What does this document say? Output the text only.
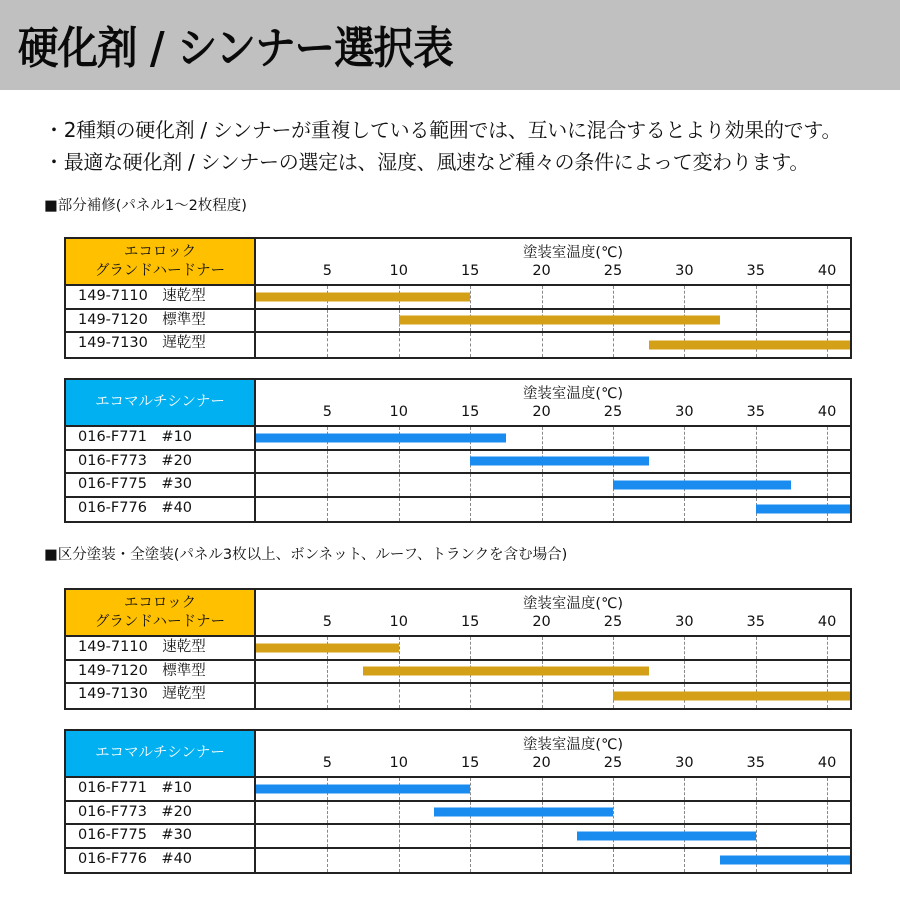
硬化剤 / シンナー選択表
・2種類の硬化剤 / シンナーが重複している範囲では、互いに混合するとより効果的です。
・最適な硬化剤 / シンナーの選定は、湿度、風速など種々の条件によって変わります。
■部分補修(パネル1〜2枚程度)
■区分塗装・全塗装(パネル3枚以上、ボンネット、ルーフ、トランクを含む場合)
エコロック
グランドハードナー
塗装室温度(℃)
5	10	15	20	25	30	35	40
149-7110　速乾型
149-7120　標準型
149-7130　遅乾型
エコマルチシンナー	塗装室温度(℃)
5	10	15	20	25	30	35	40
016-F771　#10
016-F773　#20
016-F775　#30
016-F776　#40
エコロック
グランドハードナー
塗装室温度(℃)
5	10	15	20	25	30	35	40
149-7110　速乾型
149-7120　標準型
149-7130　遅乾型
エコマルチシンナー	塗装室温度(℃)
5	10	15	20	25	30	35	40
016-F771　#10
016-F773　#20
016-F775　#30
016-F776　#40
